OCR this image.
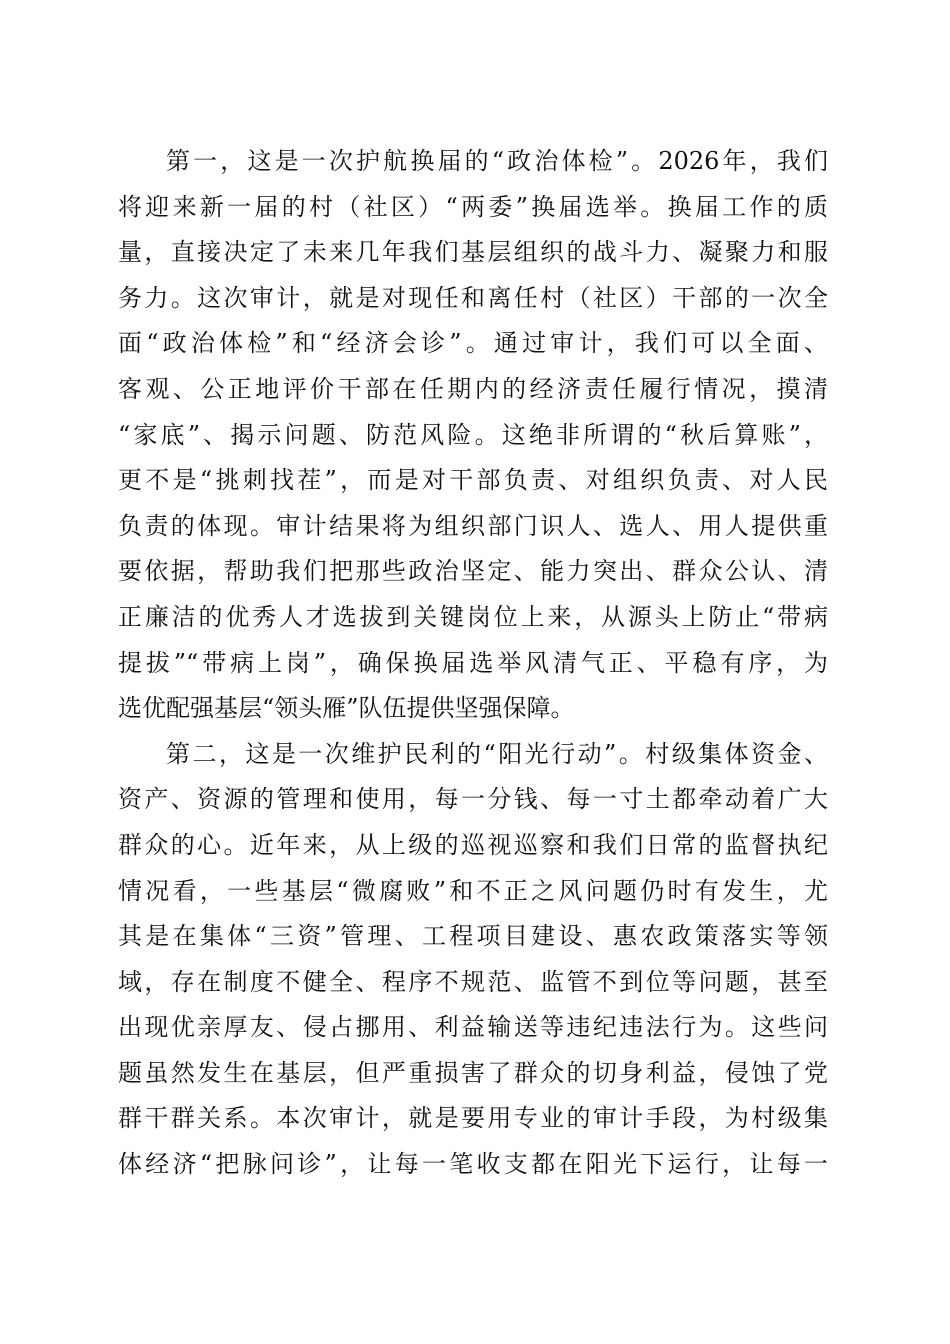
第一，这是一次护航换届的“政治体检”。2026年，我们
将迎来新一届的村（社区）“两委”换届选举。换届工作的质
量，直接决定了未来几年我们基层组织的战斗力、凝聚力和服
务力。这次审计，就是对现任和离任村（社区）干部的一次全
面“政治体检”和“经济会诊”。通过审计，我们可以全面、
客观、公正地评价干部在任期内的经济责任履行情况，摸清
“家底”、揭示问题、防范风险。这绝非所谓的“秋后算账”，
更不是“挑刺找茬”，而是对干部负责、对组织负责、对人民
负责的体现。审计结果将为组织部门识人、选人、用人提供重
要依据，帮助我们把那些政治坚定、能力突出、群众公认、清
正廉洁的优秀人才选拔到关键岗位上来，从源头上防止“带病
提拔”“带病上岗”，确保换届选举风清气正、平稳有序，为
选优配强基层“领头雁”队伍提供坚强保障。
第二，这是一次维护民利的“阳光行动”。村级集体资金、
资产、资源的管理和使用，每一分钱、每一寸土都牵动着广大
群众的心。近年来，从上级的巡视巡察和我们日常的监督执纪
情况看，一些基层“微腐败”和不正之风问题仍时有发生，尤
其是在集体“三资”管理、工程项目建设、惠农政策落实等领
域，存在制度不健全、程序不规范、监管不到位等问题，甚至
出现优亲厚友、侵占挪用、利益输送等违纪违法行为。这些问
题虽然发生在基层，但严重损害了群众的切身利益，侵蚀了党
群干群关系。本次审计，就是要用专业的审计手段，为村级集
体经济“把脉问诊”，让每一笔收支都在阳光下运行，让每一
